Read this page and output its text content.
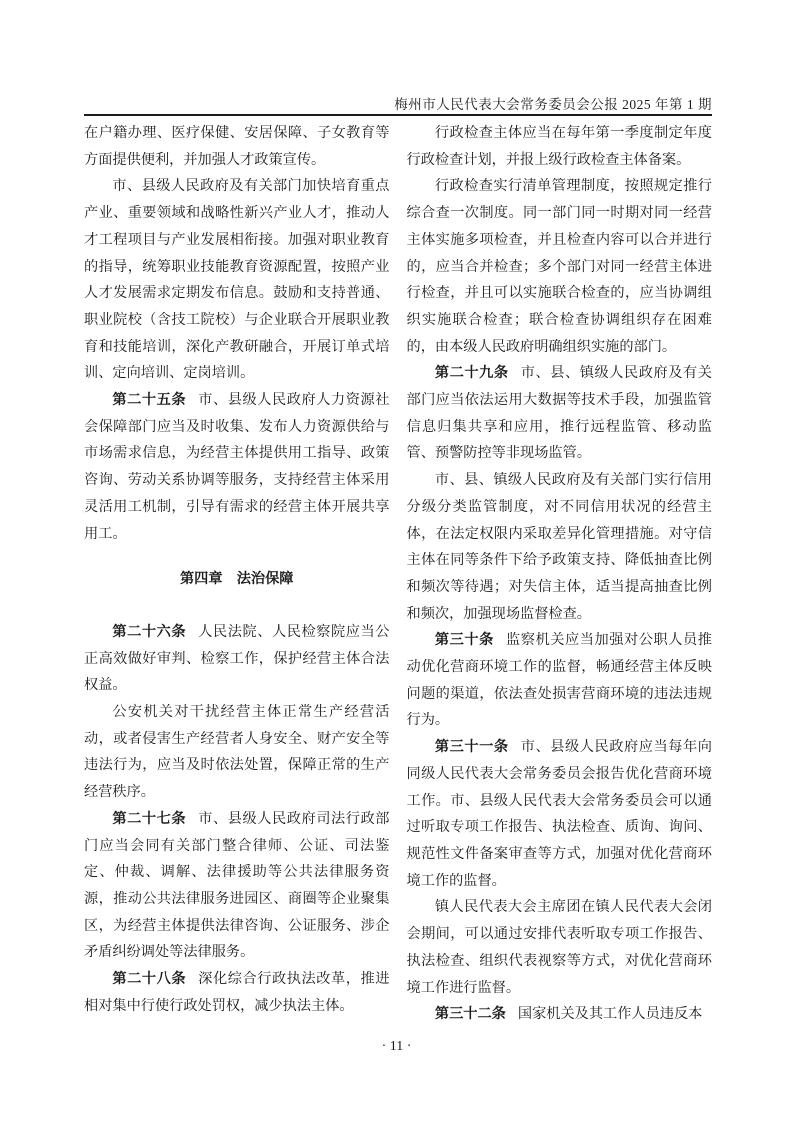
梅州市人民代表大会常务委员会公报 2025 年第 1 期

在户籍办理、医疗保健、安居保障、子女教育等方面提供便利，并加强人才政策宣传。

市、县级人民政府及有关部门加快培育重点产业、重要领域和战略性新兴产业人才，推动人才工程项目与产业发展相衔接。加强对职业教育的指导，统筹职业技能教育资源配置，按照产业人才发展需求定期发布信息。鼓励和支持普通、职业院校（含技工院校）与企业联合开展职业教育和技能培训，深化产教研融合，开展订单式培训、定向培训、定岗培训。

第二十五条 市、县级人民政府人力资源社会保障部门应当及时收集、发布人力资源供给与市场需求信息，为经营主体提供用工指导、政策咨询、劳动关系协调等服务，支持经营主体采用灵活用工机制，引导有需求的经营主体开展共享用工。

第四章　法治保障

第二十六条 人民法院、人民检察院应当公正高效做好审判、检察工作，保护经营主体合法权益。

公安机关对干扰经营主体正常生产经营活动，或者侵害生产经营者人身安全、财产安全等违法行为，应当及时依法处置，保障正常的生产经营秩序。

第二十七条 市、县级人民政府司法行政部门应当会同有关部门整合律师、公证、司法鉴定、仲裁、调解、法律援助等公共法律服务资源，推动公共法律服务进园区、商圈等企业聚集区，为经营主体提供法律咨询、公证服务、涉企矛盾纠纷调处等法律服务。

第二十八条 深化综合行政执法改革，推进相对集中行使行政处罚权，减少执法主体。

行政检查主体应当在每年第一季度制定年度行政检查计划，并报上级行政检查主体备案。

行政检查实行清单管理制度，按照规定推行综合查一次制度。同一部门同一时期对同一经营主体实施多项检查，并且检查内容可以合并进行的，应当合并检查；多个部门对同一经营主体进行检查，并且可以实施联合检查的，应当协调组织实施联合检查；联合检查协调组织存在困难的，由本级人民政府明确组织实施的部门。

第二十九条 市、县、镇级人民政府及有关部门应当依法运用大数据等技术手段，加强监管信息归集共享和应用，推行远程监管、移动监管、预警防控等非现场监管。

市、县、镇级人民政府及有关部门实行信用分级分类监管制度，对不同信用状况的经营主体，在法定权限内采取差异化管理措施。对守信主体在同等条件下给予政策支持、降低抽查比例和频次等待遇；对失信主体，适当提高抽查比例和频次，加强现场监督检查。

第三十条 监察机关应当加强对公职人员推动优化营商环境工作的监督，畅通经营主体反映问题的渠道，依法查处损害营商环境的违法违规行为。

第三十一条 市、县级人民政府应当每年向同级人民代表大会常务委员会报告优化营商环境工作。市、县级人民代表大会常务委员会可以通过听取专项工作报告、执法检查、质询、询问、规范性文件备案审查等方式，加强对优化营商环境工作的监督。

镇人民代表大会主席团在镇人民代表大会闭会期间，可以通过安排代表听取专项工作报告、执法检查、组织代表视察等方式，对优化营商环境工作进行监督。

第三十二条 国家机关及其工作人员违反本

· 11 ·
